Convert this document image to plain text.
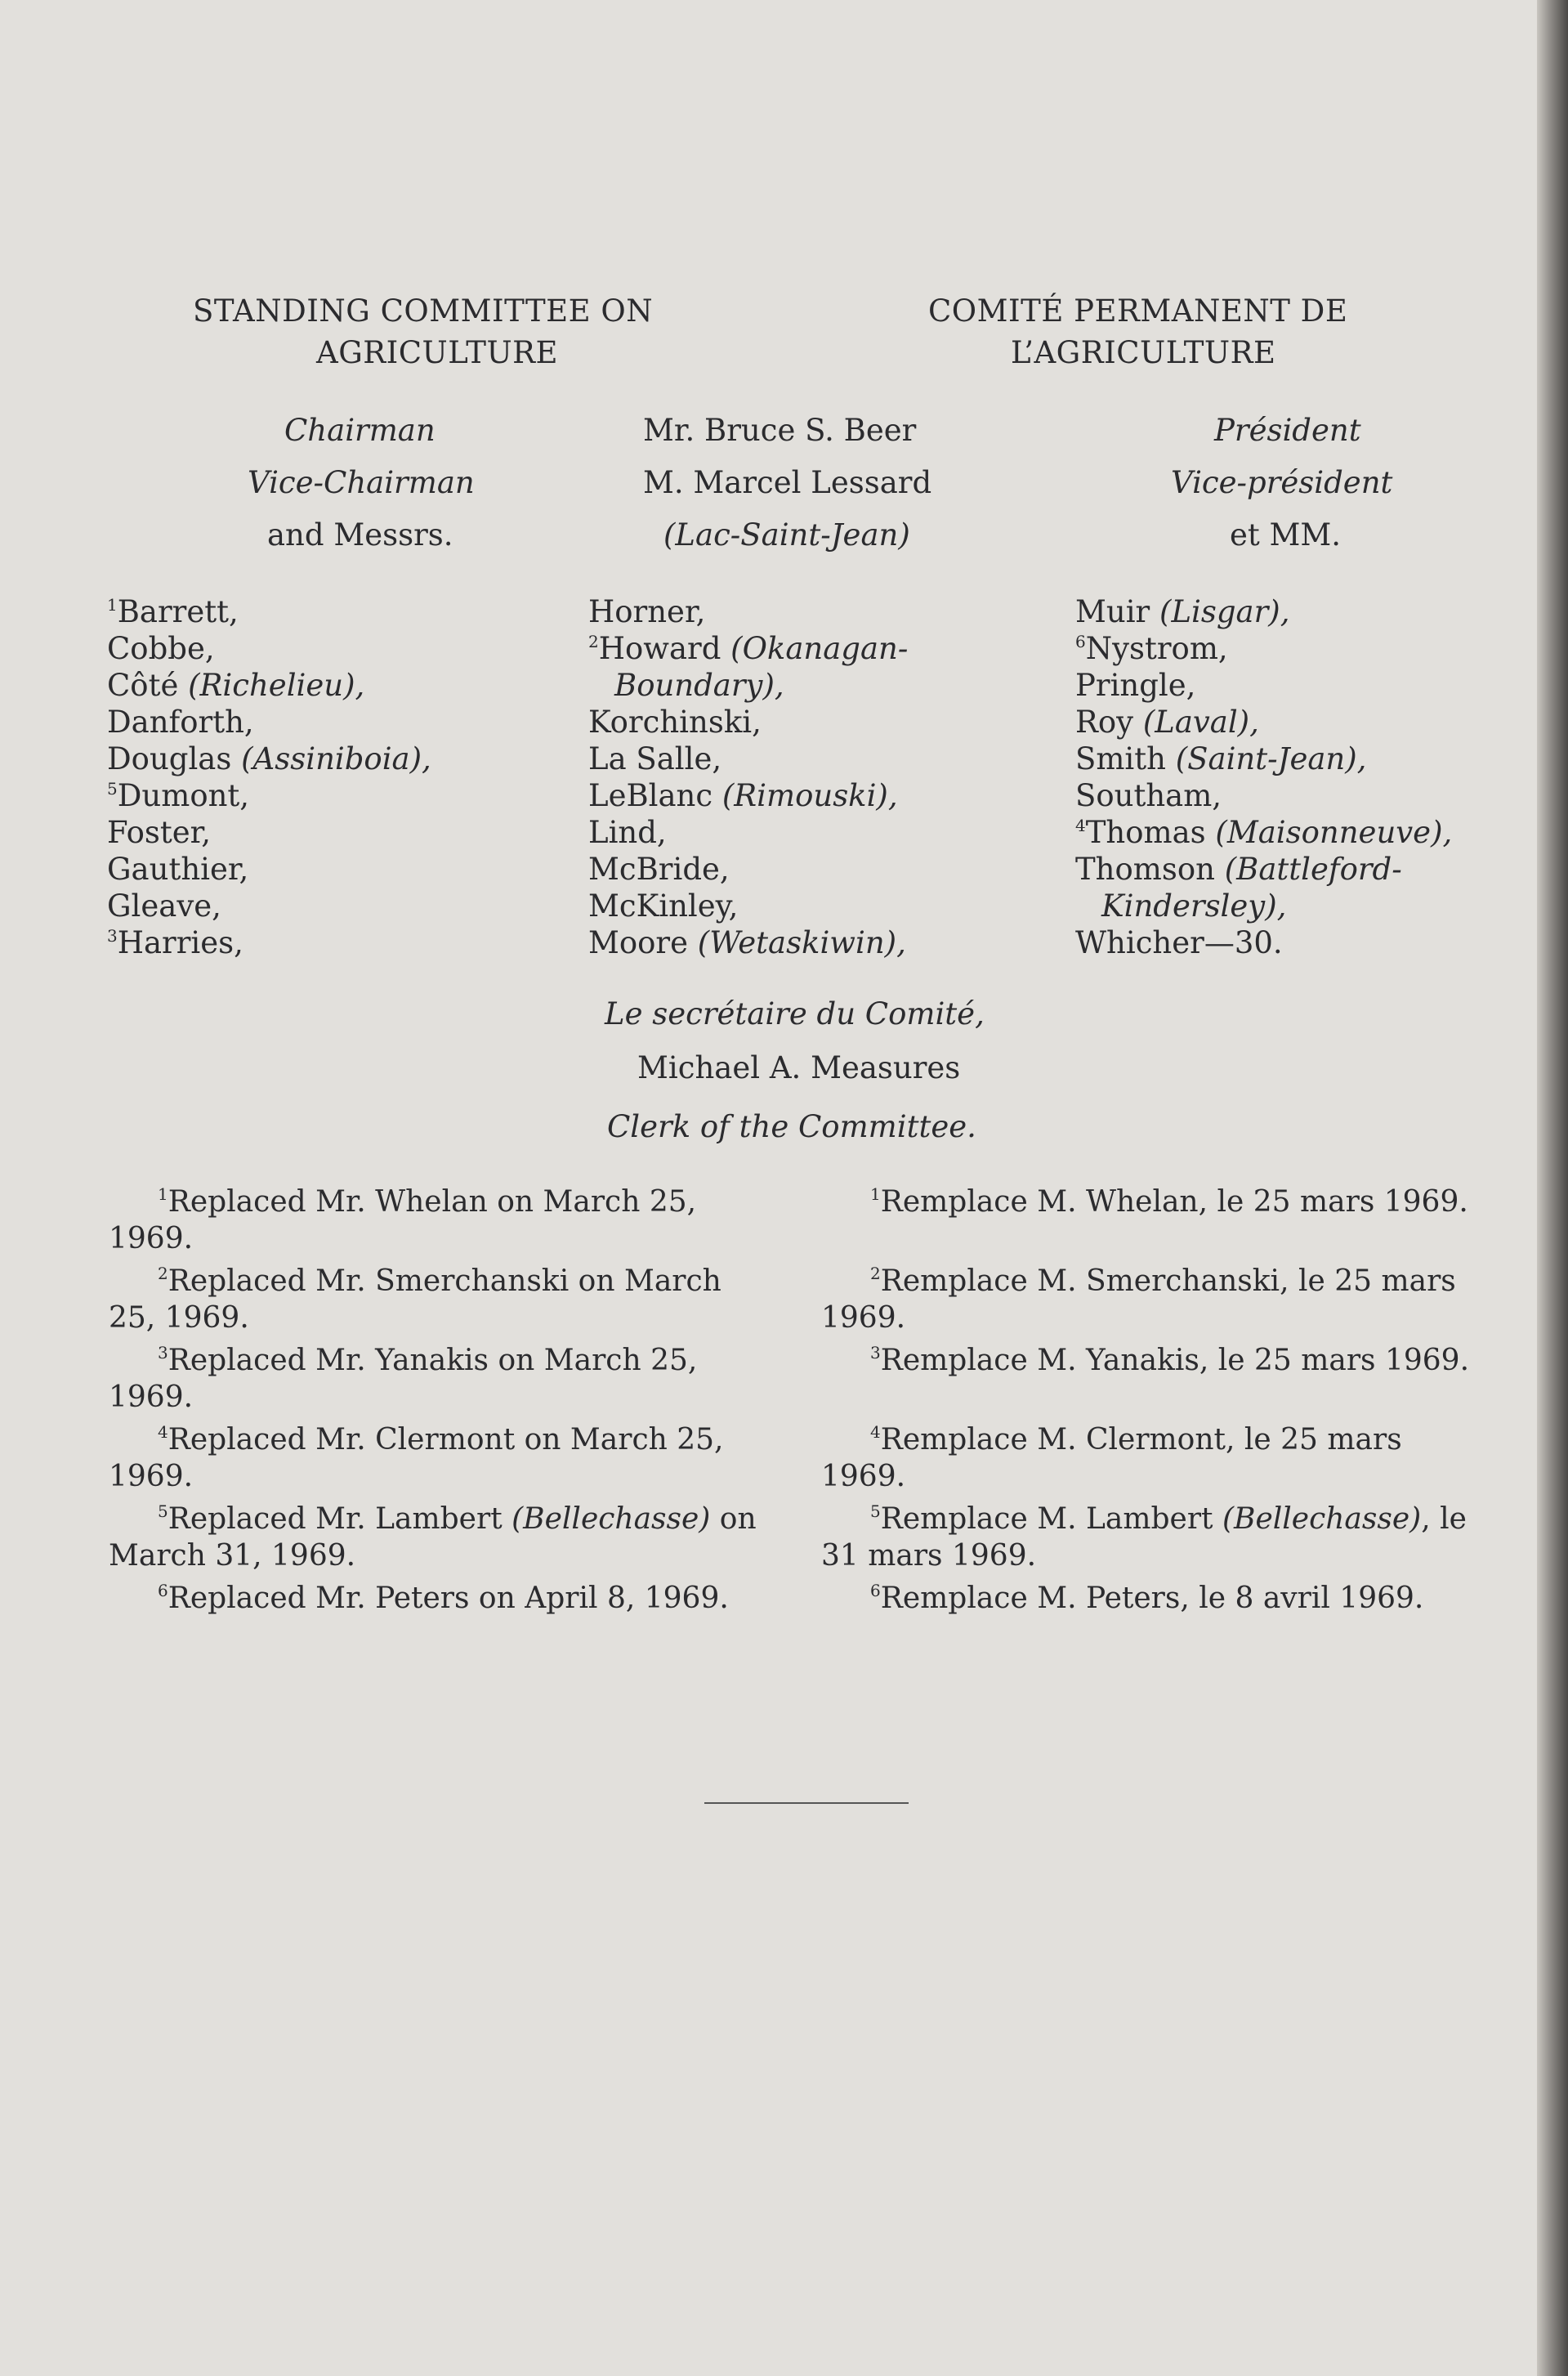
STANDING COMMITTEE ON
AGRICULTURE
COMITÉ PERMANENT DE
L’AGRICULTURE
Chairman	Mr. Bruce S. Beer	Président
Vice-Chairman	M. Marcel Lessard	Vice-président
and Messrs.	(Lac-Saint-Jean)	et MM.
$^1$Barrett,
Cobbe,
Côté (Richelieu),
Danforth,
Douglas (Assiniboia),
$^5$Dumont,
Foster,
Gauthier,
Gleave,
$^3$Harries,
Horner,
$^2$Howard (Okanagan-
Boundary),
Korchinski,
La Salle,
LeBlanc (Rimouski),
Lind,
McBride,
McKinley,
Moore (Wetaskiwin),
Muir (Lisgar),
$^6$Nystrom,
Pringle,
Roy (Laval),
Smith (Saint-Jean),
Southam,
$^4$Thomas (Maisonneuve),
Thomson (Battleford-
Kindersley),
Whicher—30.
Le secrétaire du Comité,
Michael A. Measures
Clerk of the Committee.
$^1$Replaced Mr. Whelan on March 25,
1969.
$^2$Replaced Mr. Smerchanski on March
25, 1969.
$^3$Replaced Mr. Yanakis on March 25,
1969.
$^4$Replaced Mr. Clermont on March 25,
1969.
$^5$Replaced Mr. Lambert (Bellechasse) on
March 31, 1969.
$^6$Replaced Mr. Peters on April 8, 1969.
$^1$Remplace M. Whelan, le 25 mars 1969.
$^2$Remplace M. Smerchanski, le 25 mars
1969.
$^3$Remplace M. Yanakis, le 25 mars 1969.
$^4$Remplace M. Clermont, le 25 mars
1969.
$^5$Remplace M. Lambert (Bellechasse), le
31 mars 1969.
$^6$Remplace M. Peters, le 8 avril 1969.
